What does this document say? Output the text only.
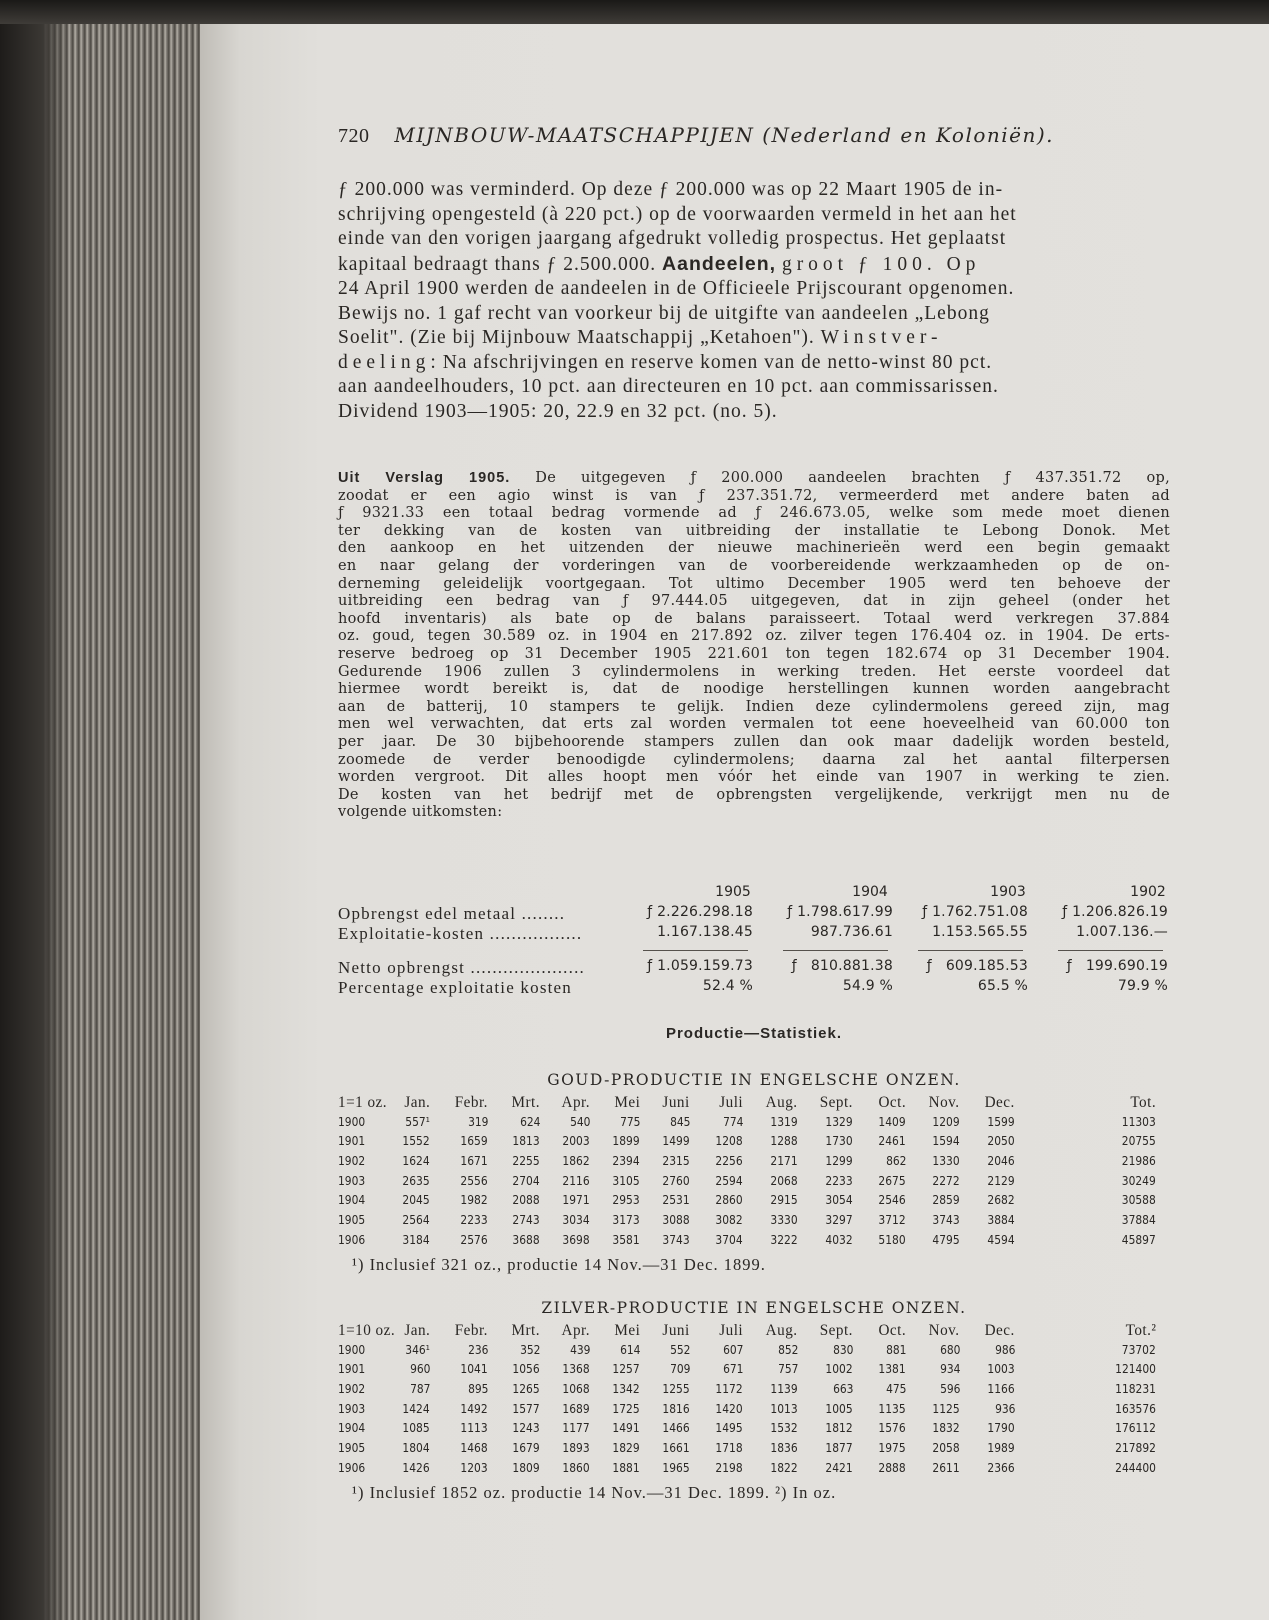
720 MIJNBOUW-MAATSCHAPPIJEN (Nederland en Koloniën).
ƒ 200.000 was verminderd. Op deze ƒ 200.000 was op 22 Maart 1905 de in-
schrijving opengesteld (à 220 pct.) op de voorwaarden vermeld in het aan het
einde van den vorigen jaargang afgedrukt volledig prospectus. Het geplaatst
kapitaal bedraagt thans ƒ 2.500.000. Aandeelen, groot ƒ 100. Op
24 April 1900 werden de aandeelen in de Officieele Prijscourant opgenomen.
Bewijs no. 1 gaf recht van voorkeur bij de uitgifte van aandeelen „Lebong
Soelit". (Zie bij Mijnbouw Maatschappij „Ketahoen"). Winstver-
deeling: Na afschrijvingen en reserve komen van de netto-winst 80 pct.
aan aandeelhouders, 10 pct. aan directeuren en 10 pct. aan commissarissen.
Dividend 1903—1905: 20, 22.9 en 32 pct. (no. 5).
Uit Verslag 1905. De uitgegeven ƒ 200.000 aandeelen brachten ƒ 437.351.72 op,
zoodat er een agio winst is van ƒ 237.351.72, vermeerderd met andere baten ad
ƒ 9321.33 een totaal bedrag vormende ad ƒ 246.673.05, welke som mede moet dienen
ter dekking van de kosten van uitbreiding der installatie te Lebong Donok. Met
den aankoop en het uitzenden der nieuwe machinerieën werd een begin gemaakt
en naar gelang der vorderingen van de voorbereidende werkzaamheden op de on-
derneming geleidelijk voortgegaan. Tot ultimo December 1905 werd ten behoeve der
uitbreiding een bedrag van ƒ 97.444.05 uitgegeven, dat in zijn geheel (onder het
hoofd inventaris) als bate op de balans paraisseert. Totaal werd verkregen 37.884
oz. goud, tegen 30.589 oz. in 1904 en 217.892 oz. zilver tegen 176.404 oz. in 1904. De erts-
reserve bedroeg op 31 December 1905 221.601 ton tegen 182.674 op 31 December 1904.
Gedurende 1906 zullen 3 cylindermolens in werking treden. Het eerste voordeel dat
hiermee wordt bereikt is, dat de noodige herstellingen kunnen worden aangebracht
aan de batterij, 10 stampers te gelijk. Indien deze cylindermolens gereed zijn, mag
men wel verwachten, dat erts zal worden vermalen tot eene hoeveelheid van 60.000 ton
per jaar. De 30 bijbehoorende stampers zullen dan ook maar dadelijk worden besteld,
zoomede de verder benoodigde cylindermolens; daarna zal het aantal filterpersen
worden vergroot. Dit alles hoopt men vóór het einde van 1907 in werking te zien.
De kosten van het bedrijf met de opbrengsten vergelijkende, verkrijgt men nu de
volgende uitkomsten:
1905	1904	1903	1902
Opbrengst edel metaal ........	ƒ 2.226.298.18 ƒ 1.798.617.99 ƒ 1.762.751.08 ƒ 1.206.826.19
Exploitatie-kosten .................	1.167.138.45	987.736.61	1.153.565.55	1.007.136.—
Netto opbrengst .....................	ƒ 1.059.159.73	ƒ   810.881.38 ƒ   609.185.53	ƒ   199.690.19
Percentage exploitatie kosten	52.4 %	54.9 %	65.5 %	79.9 %
Productie—Statistiek.
GOUD-PRODUCTIE IN ENGELSCHE ONZEN.
1=1 oz. Jan. Febr. Mrt. Apr. Mei Juni Juli Aug. Sept. Oct. Nov. Dec.	Tot.
1900	557¹	319	624 540 775 845	774 1319 1329 1409 1209 1599	11303
1901	1552 1659 1813 2003 1899 1499 1208 1288 1730 2461 1594 2050	20755
1902	1624 1671 2255 1862 2394 2315 2256 2171 1299	862 1330 2046	21986
1903	2635 2556 2704 2116 3105 2760 2594 2068 2233 2675 2272 2129	30249
1904	2045 1982 2088 1971 2953 2531 2860 2915 3054 2546 2859 2682	30588
1905	2564 2233 2743 3034 3173 3088 3082 3330 3297 3712 3743 3884	37884
1906	3184 2576 3688 3698 3581 3743 3704 3222 4032 5180 4795 4594	45897
¹) Inclusief 321 oz., productie 14 Nov.—31 Dec. 1899.
ZILVER-PRODUCTIE IN ENGELSCHE ONZEN.
1=10 oz. Jan. Febr. Mrt. Apr. Mei Juni Juli Aug. Sept. Oct. Nov. Dec.	Tot.²
1900	346¹	236	352 439 614 552	607	852	830	881	680	986	73702
1901	960 1041 1056 1368 1257 709	671	757 1002 1381	934 1003	121400
1902	787	895 1265 1068 1342 1255 1172 1139	663	475	596 1166	118231
1903	1424 1492 1577 1689 1725 1816 1420 1013 1005 1135 1125	936	163576
1904	1085 1113 1243 1177 1491 1466 1495 1532 1812 1576 1832 1790	176112
1905	1804 1468 1679 1893 1829 1661 1718 1836 1877 1975 2058 1989	217892
1906	1426 1203 1809 1860 1881 1965 2198 1822 2421 2888 2611 2366	244400
¹) Inclusief 1852 oz. productie 14 Nov.—31 Dec. 1899. ²) In oz.
